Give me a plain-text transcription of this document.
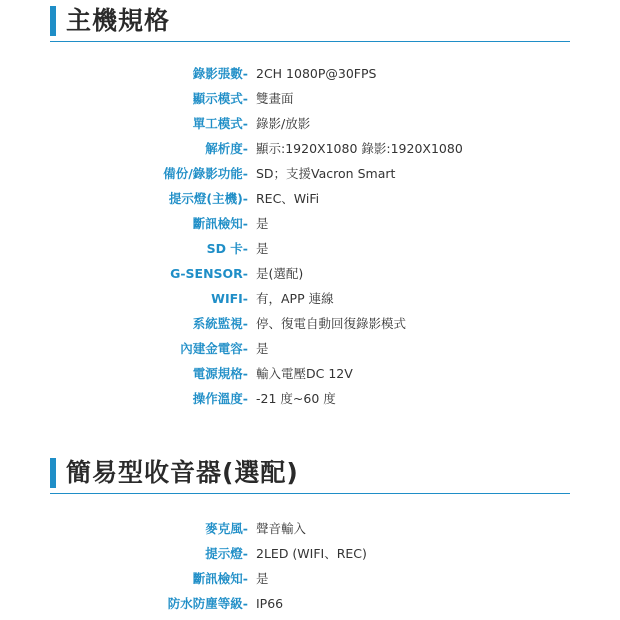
主機規格
錄影張數- 2CH 1080P@30FPS
顯示模式- 雙畫面
單工模式- 錄影/放影
解析度- 顯示:1920X1080 錄影:1920X1080
備份/錄影功能- SD；支援Vacron Smart
提示燈(主機)- REC、WiFi
斷訊檢知- 是
SD 卡- 是
G-SENSOR- 是(選配)
WIFI- 有，APP 連線
系統監視- 停、復電自動回復錄影模式
內建金電容- 是
電源規格- 輸入電壓DC 12V
操作溫度- -21 度~60 度
簡易型收音器(選配)
麥克風- 聲音輸入
提示燈- 2LED (WIFI、REC)
斷訊檢知- 是
防水防塵等級- IP66
